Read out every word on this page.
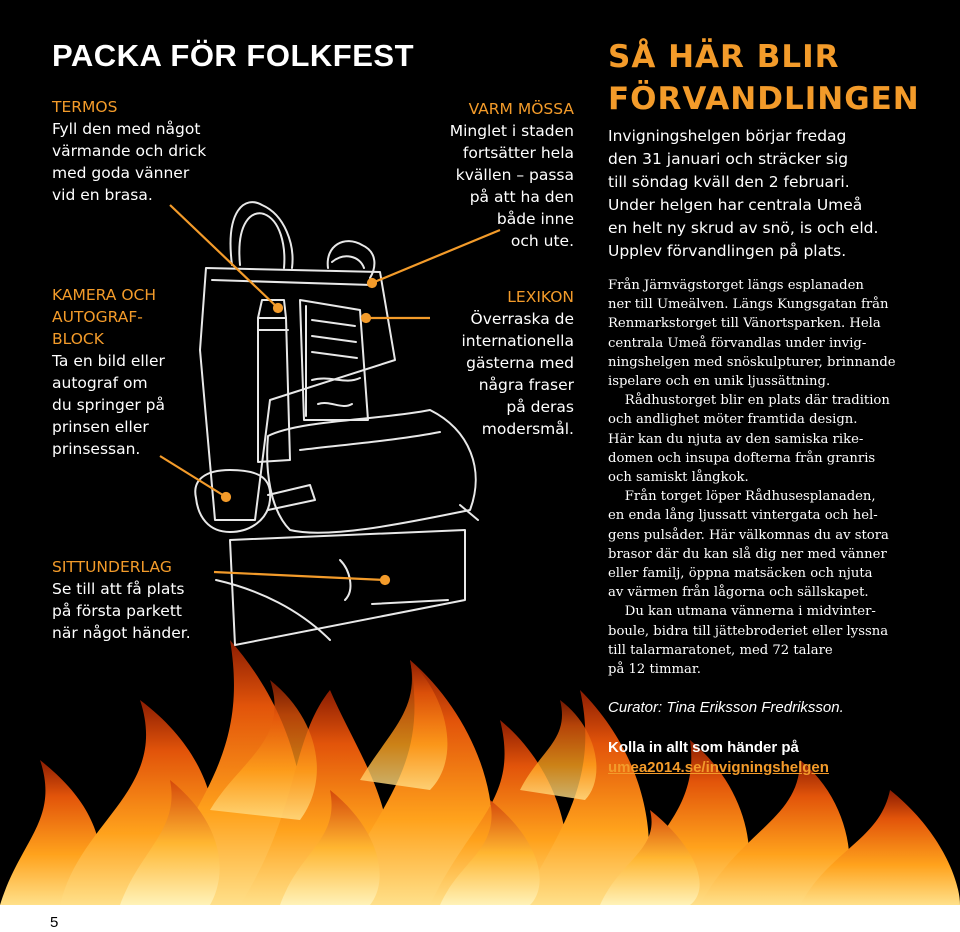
PACKA FÖR FOLKFEST
TERMOS
Fyll den med något
värmande och drick
med goda vänner
vid en brasa.
KAMERA OCH
AUTOGRAF-
BLOCK
Ta en bild eller
autograf om
du springer på
prinsen eller
prinsessan.
SITTUNDERLAG
Se till att få plats
på första parkett
när något händer.
VARM MÖSSA
Minglet i staden
fortsätter hela
kvällen – passa
på att ha den
både inne
och ute.
LEXIKON
Överraska de
internationella
gästerna med
några fraser
på deras
modersmål.
SÅ HÄR BLIR
FÖRVANDLINGEN
Invigningshelgen börjar fredag
den 31 januari och sträcker sig
till söndag kväll den 2 februari.
Under helgen har centrala Umeå
en helt ny skrud av snö, is och eld.
Upplev förvandlingen på plats.
Från Järnvägstorget längs esplanaden
ner till Umeälven. Längs Kungsgatan från
Renmarkstorget till Vänortsparken. Hela
centrala Umeå förvandlas under invig-
ningshelgen med snöskulpturer, brinnande
ispelare och en unik ljussättning.
Rådhustorget blir en plats där tradition
och andlighet möter framtida design.
Här kan du njuta av den samiska rike-
domen och insupa dofterna från granris
och samiskt långkok.
Från torget löper Rådhusesplanaden,
en enda lång ljussatt vintergata och hel-
gens pulsåder. Här välkomnas du av stora
brasor där du kan slå dig ner med vänner
eller familj, öppna matsäcken och njuta
av värmen från lågorna och sällskapet.
Du kan utmana vännerna i midvinter-
boule, bidra till jättebroderiet eller lyssna
till talarmaratonet, med 72 talare
på 12 timmar.
Curator: Tina Eriksson Fredriksson.
Kolla in allt som händer på
umea2014.se/invigningshelgen
5
